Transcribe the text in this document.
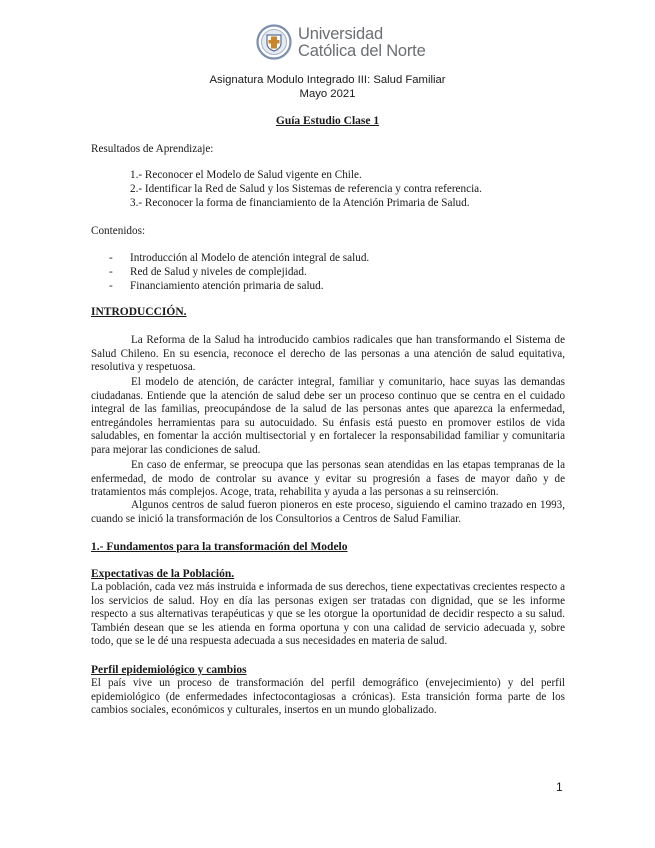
Universidad
Católica del Norte
Asignatura Modulo Integrado III: Salud Familiar
Mayo 2021
Guía Estudio Clase 1
Resultados de Aprendizaje:
1.- Reconocer el Modelo de Salud vigente en Chile.
2.- Identificar la Red de Salud y los Sistemas de referencia y contra referencia.
3.- Reconocer la forma de financiamiento de la Atención Primaria de Salud.
Contenidos:
- Introducción al Modelo de atención integral de salud.
- Red de Salud y niveles de complejidad.
- Financiamiento atención primaria de salud.
INTRODUCCIÓN.

La Reforma de la Salud ha introducido cambios radicales que han transformando el Sistema de Salud Chileno. En su esencia, reconoce el derecho de las personas a una atención de salud equitativa, resolutiva y respetuosa.

El modelo de atención, de carácter integral, familiar y comunitario, hace suyas las demandas ciudadanas. Entiende que la atención de salud debe ser un proceso continuo que se centra en el cuidado integral de las familias, preocupándose de la salud de las personas antes que aparezca la enfermedad, entregándoles herramientas para su autocuidado. Su énfasis está puesto en promover estilos de vida saludables, en fomentar la acción multisectorial y en fortalecer la responsabilidad familiar y comunitaria para mejorar las condiciones de salud.

En caso de enfermar, se preocupa que las personas sean atendidas en las etapas tempranas de la enfermedad, de modo de controlar su avance y evitar su progresión a fases de mayor daño y de tratamientos más complejos. Acoge, trata, rehabilita y ayuda a las personas a su reinserción.

Algunos centros de salud fueron pioneros en este proceso, siguiendo el camino trazado en 1993, cuando se inició la transformación de los Consultorios a Centros de Salud Familiar.

1.- Fundamentos para la transformación del Modelo
Expectativas de la Población.

La población, cada vez más instruida e informada de sus derechos, tiene expectativas crecientes respecto a los servicios de salud. Hoy en día las personas exigen ser tratadas con dignidad, que se les informe respecto a sus alternativas terapéuticas y que se les otorgue la oportunidad de decidir respecto a su salud. También desean que se les atienda en forma oportuna y con una calidad de servicio adecuada y, sobre todo, que se le dé una respuesta adecuada a sus necesidades en materia de salud.

Perfil epidemiológico y cambios

El país vive un proceso de transformación del perfil demográfico (envejecimiento) y del perfil epidemiológico (de enfermedades infectocontagiosas a crónicas). Esta transición forma parte de los cambios sociales, económicos y culturales, insertos en un mundo globalizado.

1
